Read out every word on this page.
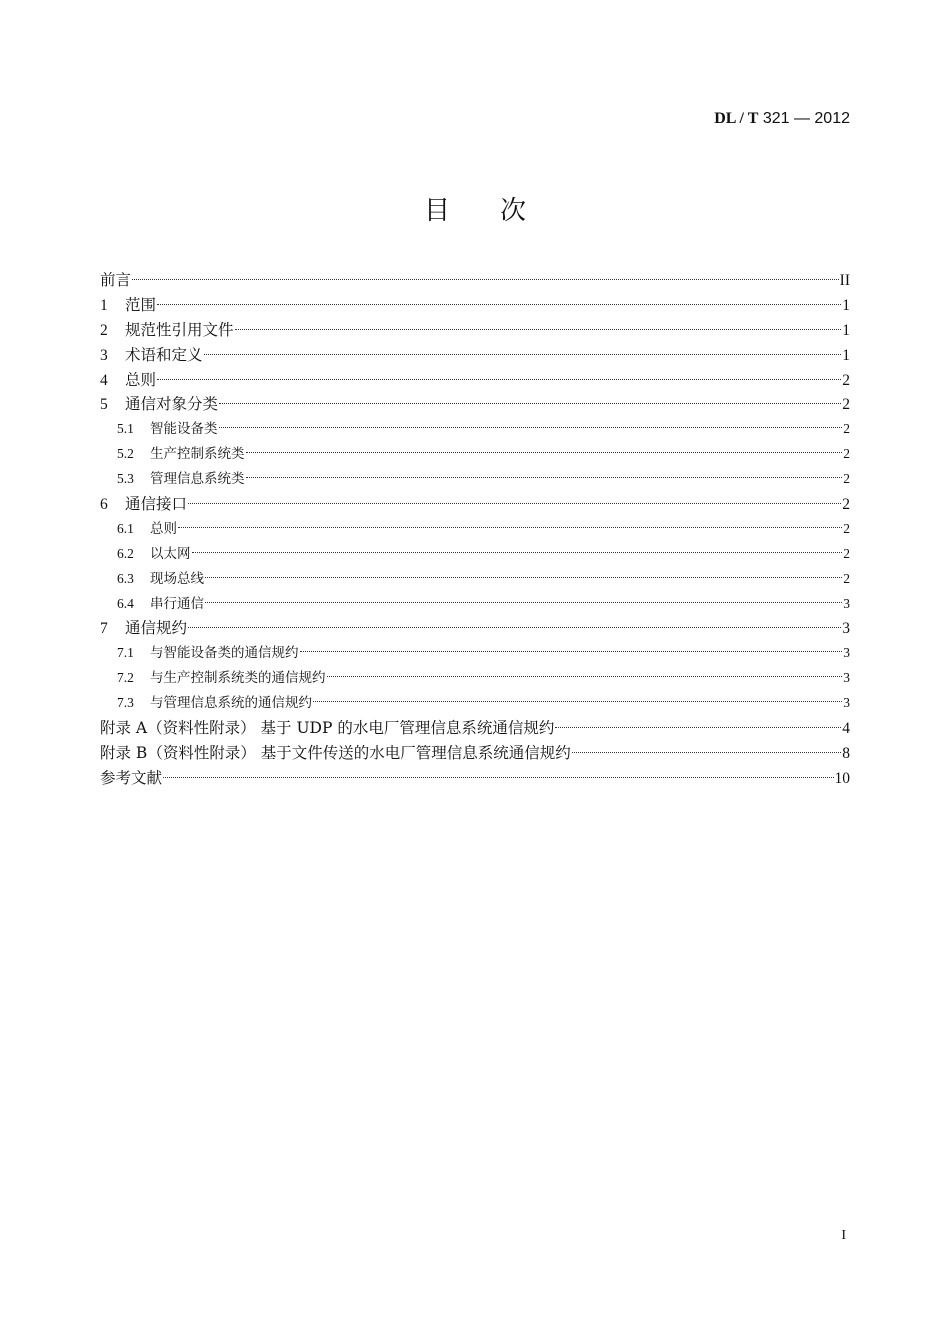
DL / T 321 — 2012
目次
前言	II
1	范围	1
2	规范性引用文件	1
3	术语和定义	1
4	总则	2
5	通信对象分类	2
5.1	智能设备类	2
5.2	生产控制系统类	2
5.3	管理信息系统类	2
6	通信接口	2
6.1	总则	2
6.2	以太网	2
6.3	现场总线	2
6.4	串行通信	3
7	通信规约	3
7.1	与智能设备类的通信规约	3
7.2	与生产控制系统类的通信规约	3
7.3	与管理信息系统的通信规约	3
附录 A（资料性附录） 基于 UDP 的水电厂管理信息系统通信规约	4
附录 B（资料性附录） 基于文件传送的水电厂管理信息系统通信规约	8
参考文献	10
I
